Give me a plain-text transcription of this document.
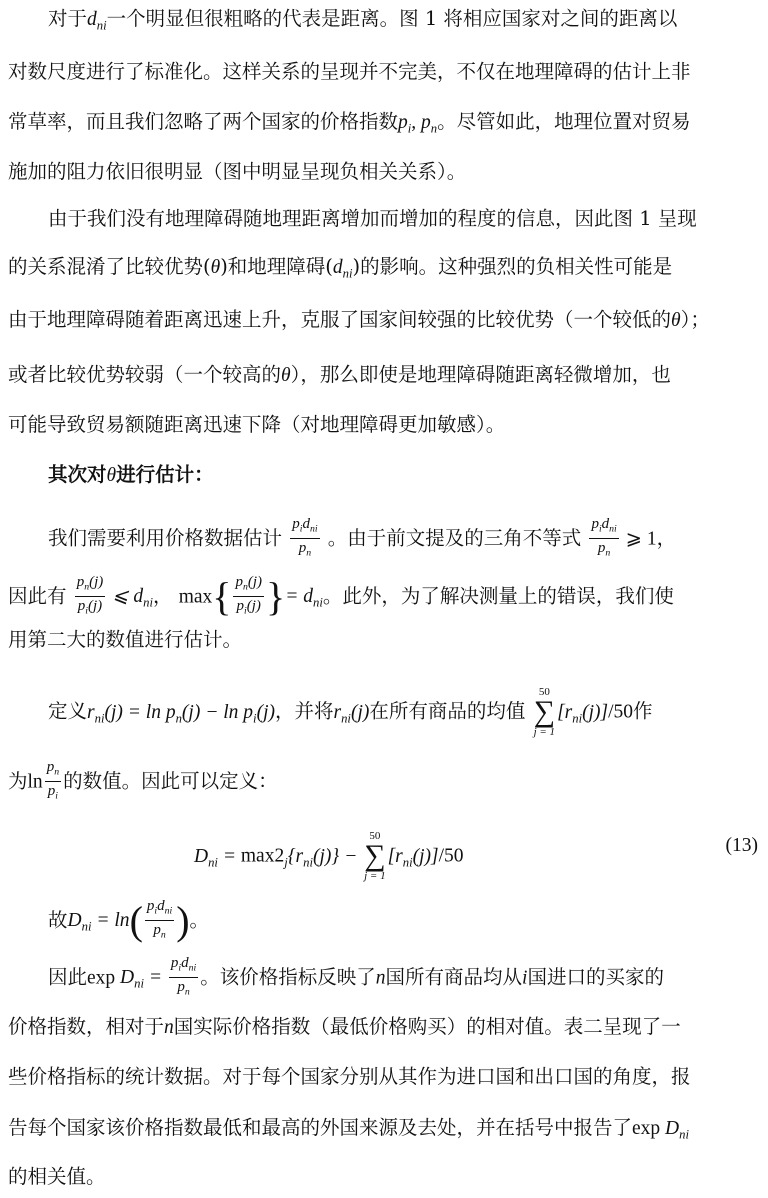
对于$d_{ni}$一个明显但很粗略的代表是距离。图 1 将相应国家对之间的距离以
对数尺度进行了标准化。这样关系的呈现并不完美，不仅在地理障碍的估计上非
常草率，而且我们忽略了两个国家的价格指数$p_i$, $p_n$。尽管如此，地理位置对贸易
施加的阻力依旧很明显（图中明显呈现负相关关系）。
由于我们没有地理障碍随地理距离增加而增加的程度的信息，因此图 1 呈现
的关系混淆了比较优势(θ)和地理障碍$(d_{ni})$的影响。这种强烈的负相关性可能是
由于地理障碍随着距离迅速上升，克服了国家间较强的比较优势（一个较低的θ）；
或者比较优势较弱（一个较高的θ），那么即使是地理障碍随距离轻微增加，也
可能导致贸易额随距离迅速下降（对地理障碍更加敏感）。
其次对θ进行估计：
我们需要利用价格数据估计 $\frac{p_id_{ni}}{p_n}$ 。由于前文提及的三角不等式 $\frac{p_id_{ni}}{p_n}$ ⩾ 1，
因此有 $\frac{p_n(j)}{p_i(j)}$ ⩽ $d_{ni}$， $\max\{ \frac{p_n(j)}{p_i(j)}$ }= $d_{ni}$。此外，为了解决测量上的错误，我们使
用第二大的数值进行估计。
定义$r_{ni}(j) = \ln p_n(j) - \ln p_i(j)$，并将$r_{ni}(j)$在所有商品的均值
50
∑
j = 1
$[r_{ni}(j)]/50$作
为$\ln \frac{p_n}{p_i}$ 的数值。因此可以定义：
$D_{ni} = \max 2_j\{r_{ni}(j)\}$ −
50
∑
j = 1
$[r_{ni}(j)]/50$	(13)
故$D_{ni} = \ln( \frac{p_id_{ni}}{p_n}$ )。
因此$\exp D_{ni} = \frac{p_id_{ni}}{p_n}$ 。该价格指标反映了n国所有商品均从i国进口的买家的
价格指数，相对于n国实际价格指数（最低价格购买）的相对值。表二呈现了一
些价格指标的统计数据。对于每个国家分别从其作为进口国和出口国的角度，报
告每个国家该价格指数最低和最高的外国来源及去处，并在括号中报告了$\exp D_{ni}$
的相关值。
